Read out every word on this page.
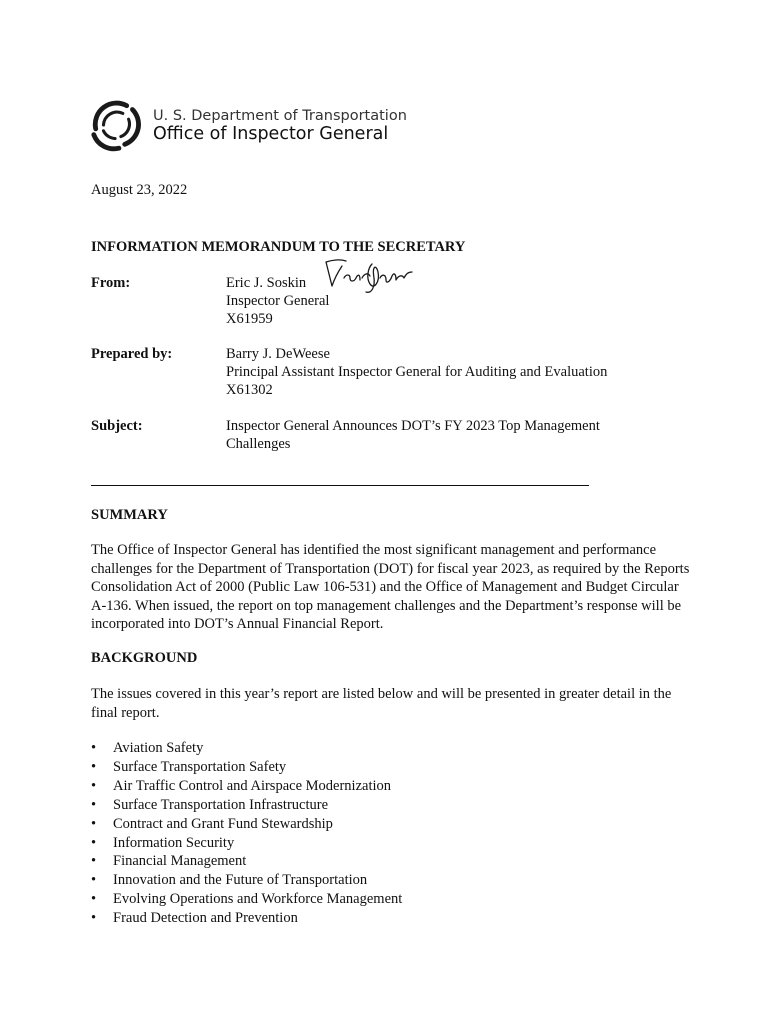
U. S. Department of Transportation
Office of Inspector General
August 23, 2022
INFORMATION MEMORANDUM TO THE SECRETARY
From:	Eric J. Soskin
Inspector General
X61959
Prepared by:	Barry J. DeWeese
Principal Assistant Inspector General for Auditing and Evaluation
X61302
Subject:	Inspector General Announces DOT’s FY 2023 Top Management
Challenges
SUMMARY

The Office of Inspector General has identified the most significant management and performance challenges for the Department of Transportation (DOT) for fiscal year 2023, as required by the Reports Consolidation Act of 2000 (Public Law 106-531) and the Office of Management and Budget Circular A-136. When issued, the report on top management challenges and the Department’s response will be incorporated into DOT’s Annual Financial Report.

BACKGROUND

The issues covered in this year’s report are listed below and will be presented in greater detail in the final report.

• Aviation Safety
• Surface Transportation Safety
• Air Traffic Control and Airspace Modernization
• Surface Transportation Infrastructure
• Contract and Grant Fund Stewardship
• Information Security
• Financial Management
• Innovation and the Future of Transportation
• Evolving Operations and Workforce Management
• Fraud Detection and Prevention
